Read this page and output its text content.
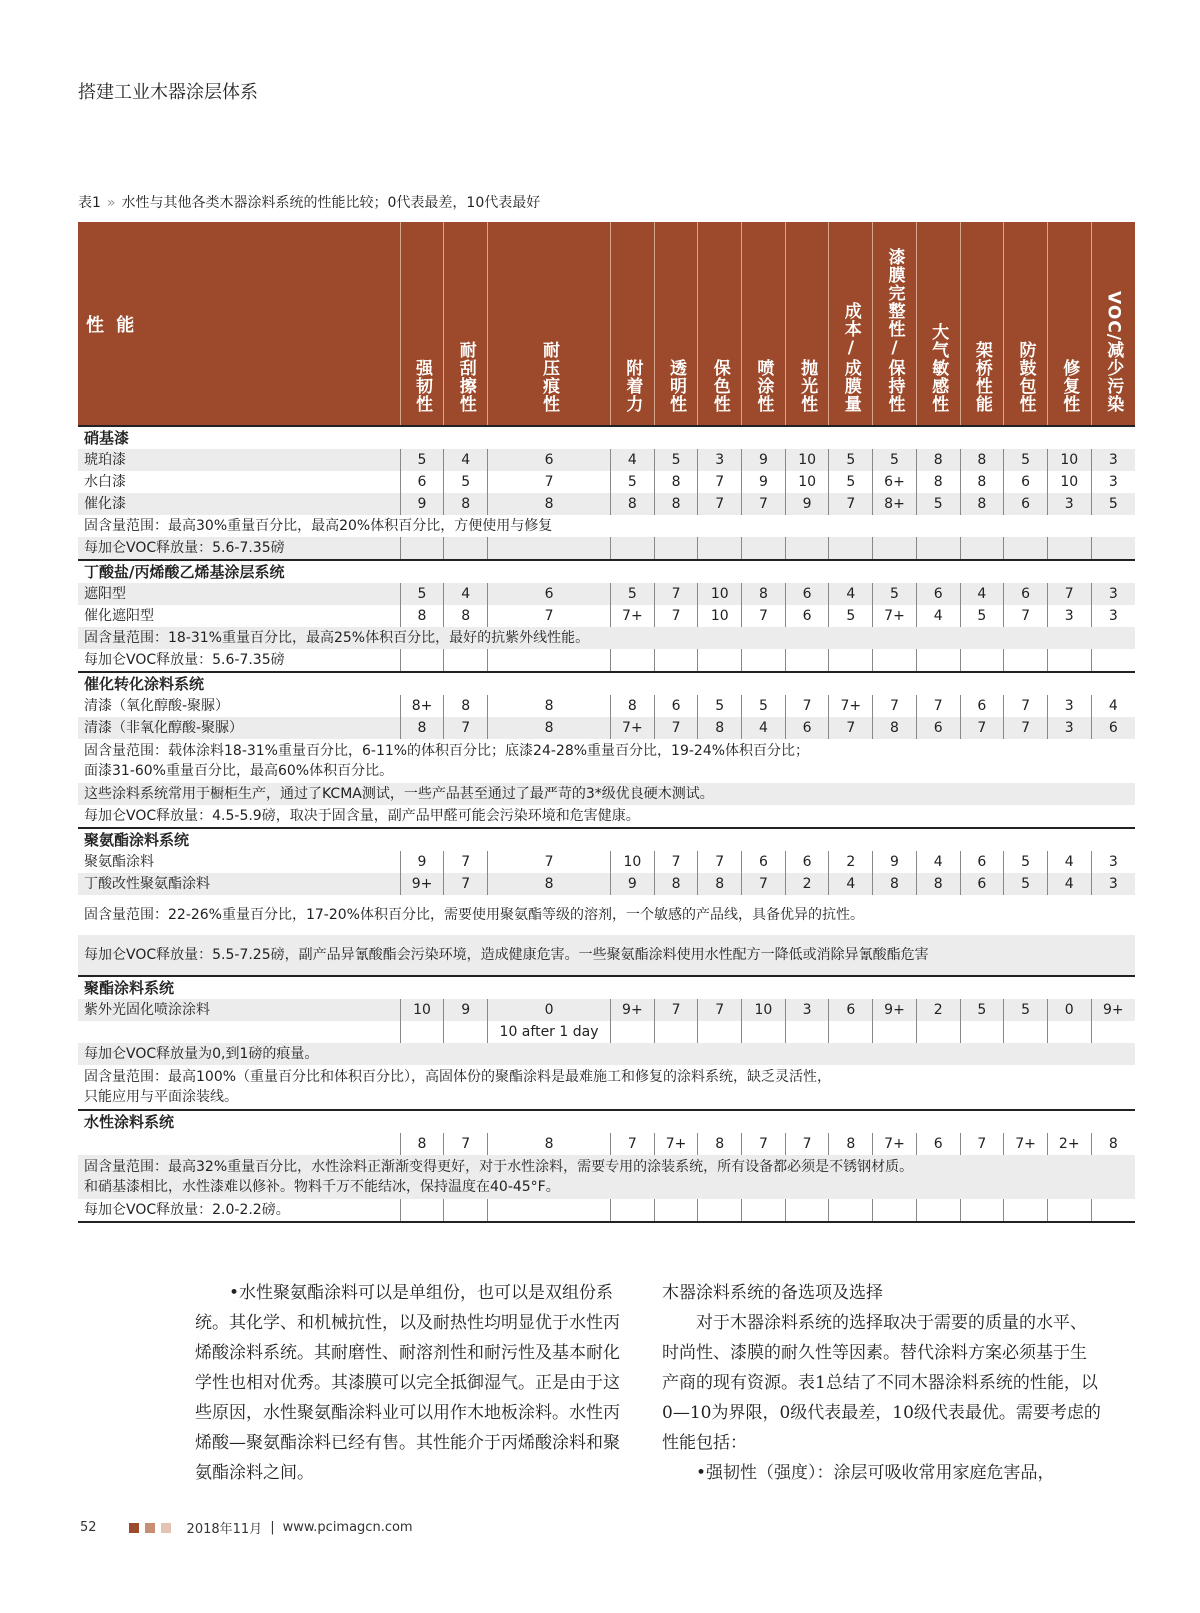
搭建工业木器涂层体系
表1 » 水性与其他各类木器涂料系统的性能比较；0代表最差，10代表最好
性 能	强韧性	耐刮擦性	耐压痕性	附着力	透明性	保色性	喷涂性	抛光性	成本/成膜量	漆膜完整性/保持性	大气敏感性	架桥性能	防鼓包性	修复性	VOC/减少污染
硝基漆															
琥珀漆	5	4	6	4	5	3	9	10	5	5	8	8	5	10	3
水白漆	6	5	7	5	8	7	9	10	5	6+	8	8	6	10	3
催化漆	9	8	8	8	8	7	7	9	7	8+	5	8	6	3	5
固含量范围：最高30%重量百分比，最高20%体积百分比，方便使用与修复															
每加仑VOC释放量：5.6-7.35磅															
丁酸盐/丙烯酸乙烯基涂层系统															
遮阳型	5	4	6	5	7	10	8	6	4	5	6	4	6	7	3
催化遮阳型	8	8	7	7+	7	10	7	6	5	7+	4	5	7	3	3
固含量范围：18-31%重量百分比，最高25%体积百分比，最好的抗紫外线性能。															
每加仑VOC释放量：5.6-7.35磅															
催化转化涂料系统															
清漆（氧化醇酸-聚脲）	8+	8	8	8	6	5	5	7	7+	7	7	6	7	3	4
清漆（非氧化醇酸-聚脲）	8	7	8	7+	7	8	4	6	7	8	6	7	7	3	6

固含量范围：载体涂料18-31%重量百分比，6-11%的体积百分比；底漆24-28%重量百分比，19-24%体积百分比；
面漆31-60%重量百分比，最高60%体积百分比。															

这些涂料系统常用于橱柜生产，通过了KCMA测试，一些产品甚至通过了最严苛的3*级优良硬木测试。															
每加仑VOC释放量：4.5-5.9磅，取决于固含量，副产品甲醛可能会污染环境和危害健康。															
聚氨酯涂料系统															
聚氨酯涂料	9	7	7	10	7	7	6	6	2	9	4	6	5	4	3
丁酸改性聚氨酯涂料	9+	7	8	9	8	8	7	2	4	8	8	6	5	4	3
固含量范围：22-26%重量百分比，17-20%体积百分比，需要使用聚氨酯等级的溶剂，一个敏感的产品线，具备优异的抗性。															
每加仑VOC释放量：5.5-7.25磅，副产品异氰酸酯会污染环境，造成健康危害。一些聚氨酯涂料使用水性配方一降低或消除异氰酸酯危害															
聚酯涂料系统															
紫外光固化喷涂涂料	10	9	0	9+	7	7	10	3	6	9+	2	5	5	0	9+
			10 after 1 day												
每加仑VOC释放量为0,到1磅的痕量。															

固含量范围：最高100%（重量百分比和体积百分比），高固体份的聚酯涂料是最难施工和修复的涂料系统，缺乏灵活性，
只能应用与平面涂装线。															

水性涂料系统															
	8	7	8	7	7+	8	7	7	8	7+	6	7	7+	2+	8

固含量范围：最高32%重量百分比，水性涂料正渐渐变得更好，对于水性涂料，需要专用的涂装系统，所有设备都必须是不锈钢材质。
和硝基漆相比，水性漆难以修补。物料千万不能结冰，保持温度在40-45°F。															

每加仑VOC释放量：2.0-2.2磅。															

•水性聚氨酯涂料可以是单组份，也可以是双组份系统。其化学、和机械抗性，以及耐热性均明显优于水性丙烯酸涂料系统。其耐磨性、耐溶剂性和耐污性及基本耐化学性也相对优秀。其漆膜可以完全抵御湿气。正是由于这些原因，水性聚氨酯涂料业可以用作木地板涂料。水性丙烯酸—聚氨酯涂料已经有售。其性能介于丙烯酸涂料和聚氨酯涂料之间。

木器涂料系统的备选项及选择

对于木器涂料系统的选择取决于需要的质量的水平、时尚性、漆膜的耐久性等因素。替代涂料方案必须基于生产商的现有资源。表1总结了不同木器涂料系统的性能，以0—10为界限，0级代表最差，10级代表最优。需要考虑的性能包括：

•强韧性（强度）：涂层可吸收常用家庭危害品，

52	2018年11月 | www.pcimagcn.com
